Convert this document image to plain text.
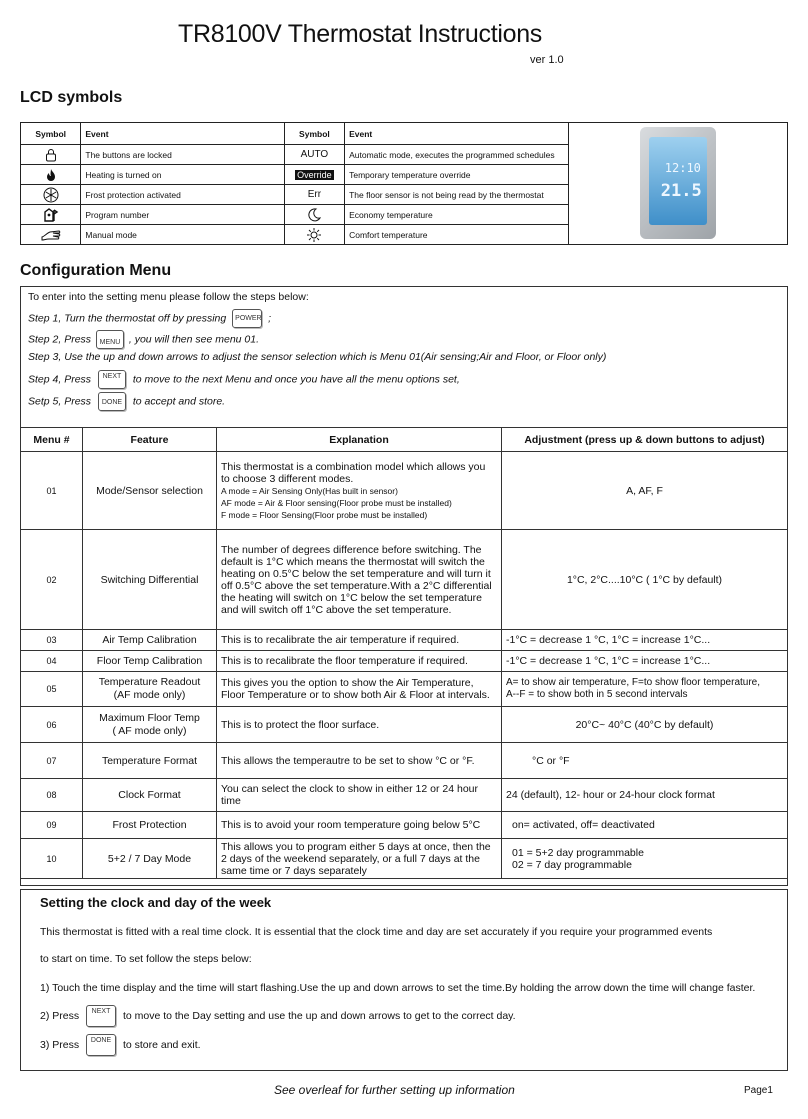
TR8100V Thermostat Instructions
ver 1.0
LCD symbols
Symbol	Event	Symbol	Event	12:10
21.5

	The buttons are locked	AUTO	Automatic mode, executes the programmed schedules	
	Heating is turned on	Override	Temporary temperature override	
	Frost protection activated	Err	The floor sensor is not being read by the thermostat	
	Program number		Economy temperature	
	Manual mode		Comfort temperature	
Configuration Menu
To enter into the setting menu please follow the steps below:
Step 1, Turn the thermostat off by pressing POWER ;
Step 2, Press MENU , you will then see menu 01.
Step 3, Use the up and down arrows to adjust the sensor selection which is Menu 01(Air sensing;Air and Floor, or Floor only)
Step 4, Press NEXT to move to the next Menu and once you have all the menu options set,
Setp 5, Press DONE to accept and store.
Menu #	Feature	Explanation	Adjustment (press up & down buttons to adjust)
01	Mode/Sensor selection	This thermostat is a combination model which allows you to choose 3 different modes.
A mode = Air Sensing Only(Has built in sensor)
AF mode = Air & Floor sensing(Floor probe must be installed)
F mode = Floor Sensing(Floor probe must be installed)	A, AF, F
02	Switching Differential	The number of degrees difference before switching. The default is 1°C which means the thermostat will switch the heating on 0.5°C below the set temperature and will turn it off 0.5°C above the set temperature.With a 2°C differential the heating will switch on 1°C below the set temperature and will switch off 1°C above the set temperature.	1°C, 2°C....10°C ( 1°C by default)
03	Air Temp Calibration	This is to recalibrate the air temperature if required.	-1°C = decrease 1 °C, 1°C = increase 1°C...
04	Floor Temp Calibration	This is to recalibrate the floor temperature if required.	-1°C = decrease 1 °C, 1°C = increase 1°C...
05	Temperature Readout
(AF mode only)	This gives you the option to show the Air Temperature, Floor Temperature or to show both Air & Floor at intervals.	A= to show air temperature, F=to show floor temperature,
A--F = to show both in 5 second intervals
06	Maximum Floor Temp
( AF mode only)	This is to protect the floor surface.	20°C~ 40°C (40°C by default)
07	Temperature Format	This allows the temperautre to be set to show °C or °F.	°C or °F
08	Clock Format	You can select the clock to show in either 12 or 24 hour time	24 (default), 12- hour or 24-hour clock format
09	Frost Protection	This is to avoid your room temperature going below 5°C	on= activated, off= deactivated
10	5+2 / 7 Day Mode	This allows you to program either 5 days at once, then the 2 days of the weekend separately, or a full 7 days at the same time or 7 days separately	01 = 5+2 day programmable
02 = 7 day programmable
Setting the clock and day of the week
This thermostat is fitted with a real time clock. It is essential that the clock time and day are set accurately if you require your programmed events
to start on time. To set follow the steps below:
1) Touch the time display and the time will start flashing.Use the up and down arrows to set the time.By holding the arrow down the time will change faster.
2) Press NEXT to move to the Day setting and use the up and down arrows to get to the correct day.
3) Press DONE to store and exit.
See overleaf for further setting up information	Page1
